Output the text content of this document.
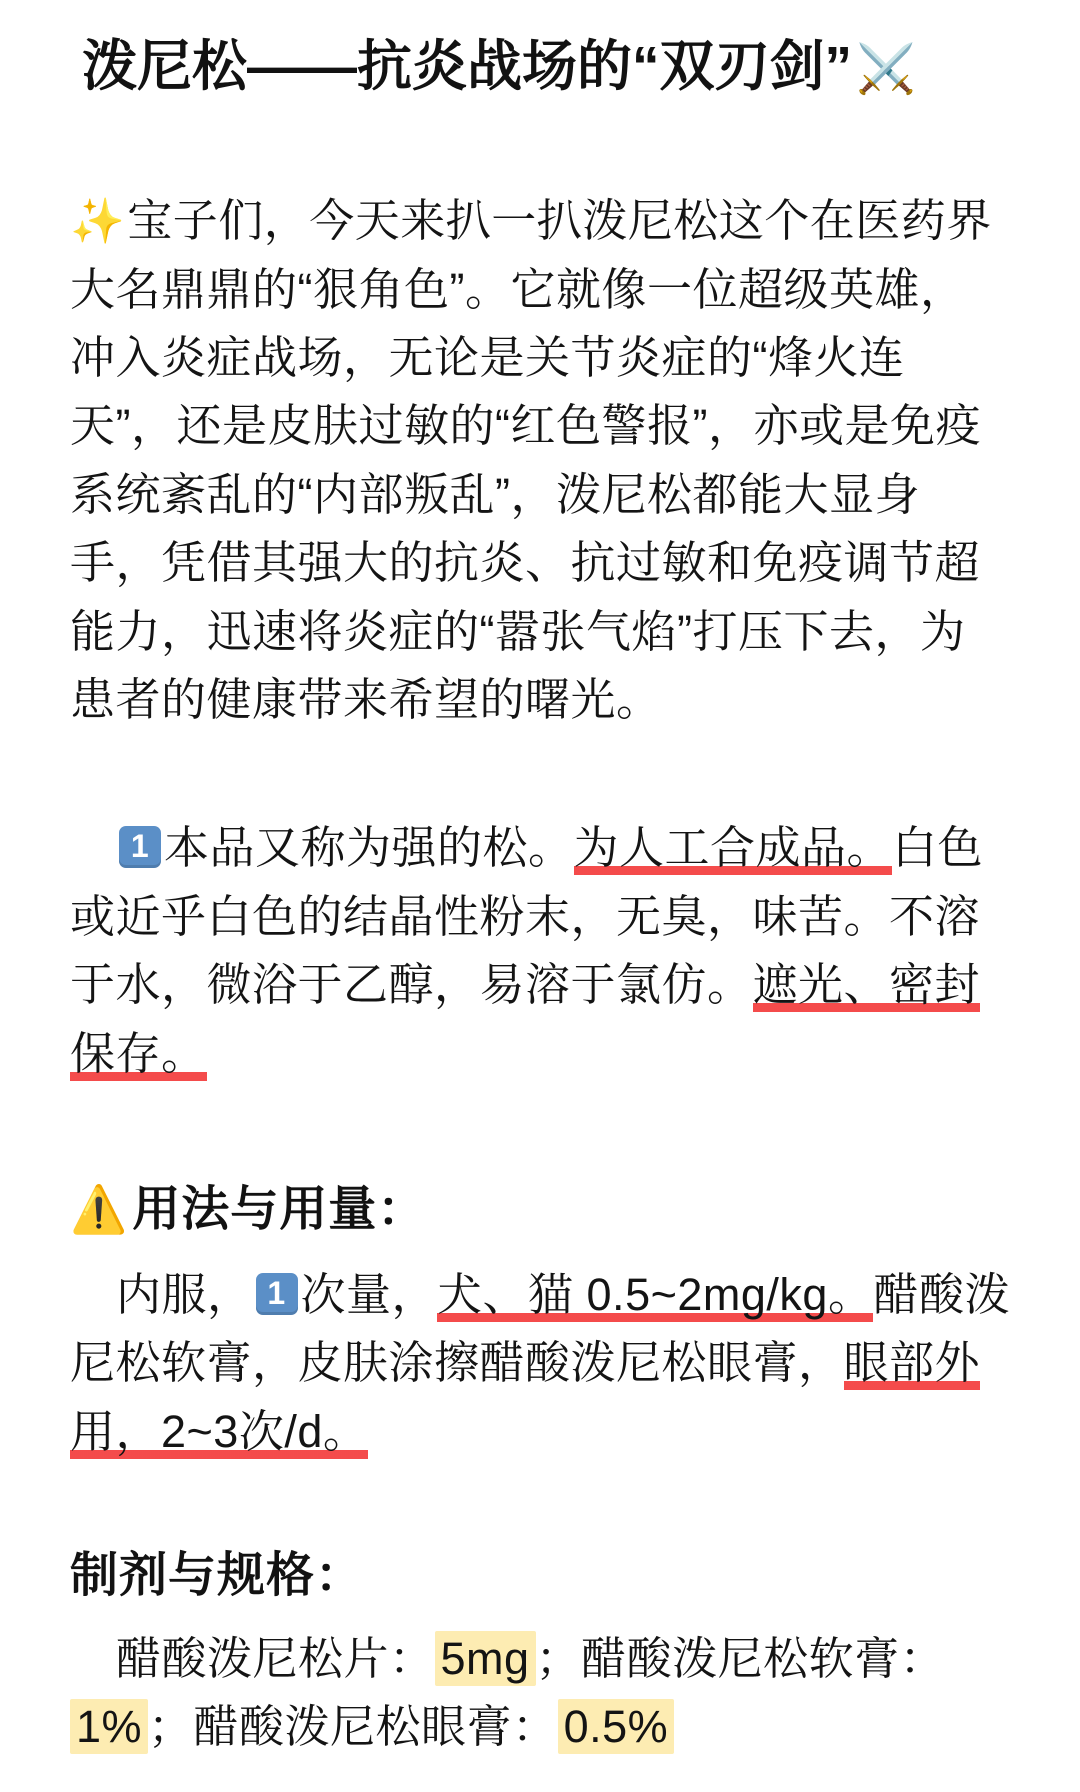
泼尼松——抗炎战场的“双刃剑”⚔️

✨宝子们，今天来扒一扒泼尼松这个在医药界大名鼎鼎的“狠角色”。它就像一位超级英雄，冲入炎症战场，无论是关节炎症的“烽火连天”，还是皮肤过敏的“红色警报”，亦或是免疫系统紊乱的“内部叛乱”，泼尼松都能大显身手，凭借其强大的抗炎、抗过敏和免疫调节超能力，迅速将炎症的“嚣张气焰”打压下去，为患者的健康带来希望的曙光。

1 本品又称为强的松。为人工合成品。白色或近乎白色的结晶性粉末，无臭，味苦。不溶于水，微浴于乙醇，易溶于氯仿。遮光、密封保存。

⚠️用法与用量：

内服， 1 次量，犬、猫 0.5~2mg/kg。醋酸泼尼松软膏，皮肤涂擦醋酸泼尼松眼膏，眼部外用，2~3次/d。

制剂与规格：

醋酸泼尼松片： 5mg ；醋酸泼尼松软膏：1% ；醋酸泼尼松眼膏： 0.5%
